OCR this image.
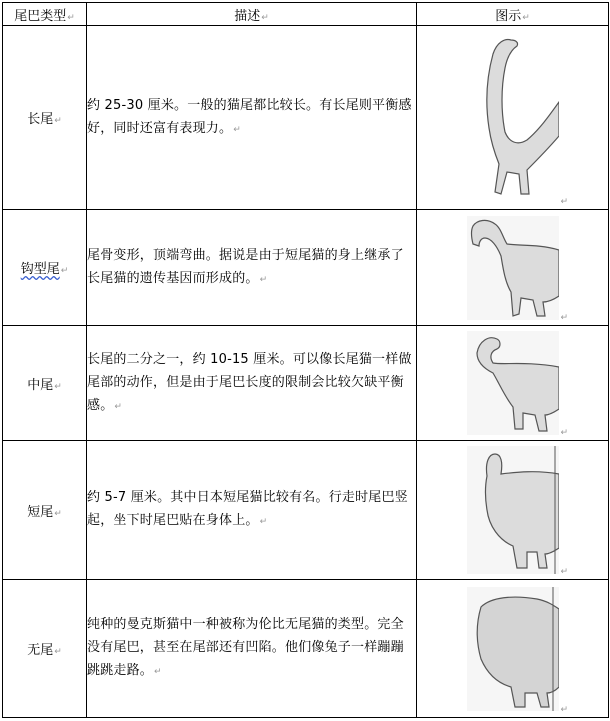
尾巴类型↵	描述↵	图示↵
长尾↵	约 25-30 厘米。一般的猫尾都比较长。有长尾则平衡感好，同时还富有表现力。↵	↵

钩型尾↵	尾骨变形，顶端弯曲。据说是由于短尾猫的身上继承了长尾猫的遗传基因而形成的。↵	↵

中尾↵	长尾的二分之一，约 10-15 厘米。可以像长尾猫一样做尾部的动作，但是由于尾巴长度的限制会比较欠缺平衡感。↵	↵

短尾↵	约 5-7 厘米。其中日本短尾猫比较有名。行走时尾巴竖起，坐下时尾巴贴在身体上。↵	↵

无尾↵	纯种的曼克斯猫中一种被称为伦比无尾猫的类型。完全没有尾巴，甚至在尾部还有凹陷。他们像兔子一样蹦蹦跳跳走路。↵	↵
